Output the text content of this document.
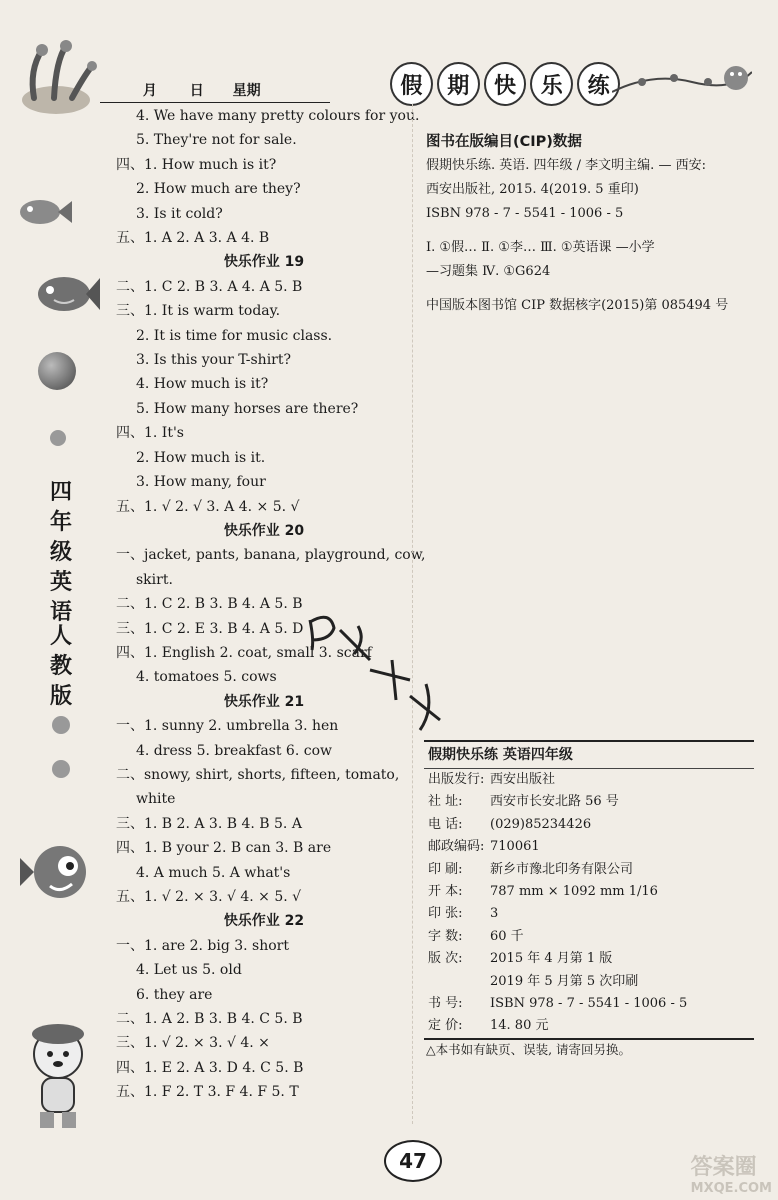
四
年
级
英
语
人
教
版
月 日 星期	假	期	快	乐	练
4. We have many pretty colours for you.
5. They're not for sale.
四、1. How much is it?
2. How much are they?
3. Is it cold?
五、1. A 2. A 3. A 4. B
快乐作业 19
二、1. C 2. B 3. A 4. A 5. B
三、1. It is warm today.
2. It is time for music class.
3. Is this your T-shirt?
4. How much is it?
5. How many horses are there?
四、1. It's
2. How much is it.
3. How many, four
五、1. √ 2. √ 3. A 4. × 5. √
快乐作业 20
一、jacket, pants, banana, playground, cow,
skirt.
二、1. C 2. B 3. B 4. A 5. B
三、1. C 2. E 3. B 4. A 5. D
四、1. English 2. coat, small 3. scarf
4. tomatoes 5. cows
快乐作业 21
一、1. sunny 2. umbrella 3. hen
4. dress 5. breakfast 6. cow
二、snowy, shirt, shorts, fifteen, tomato,
white
三、1. B 2. A 3. B 4. B 5. A
四、1. B your 2. B can 3. B are
4. A much 5. A what's
五、1. √ 2. × 3. √ 4. × 5. √
快乐作业 22
一、1. are 2. big 3. short
4. Let us 5. old
6. they are
二、1. A 2. B 3. B 4. C 5. B
三、1. √ 2. × 3. √ 4. ×
四、1. E 2. A 3. D 4. C 5. B
五、1. F 2. T 3. F 4. F 5. T
图书在版编目(CIP)数据
假期快乐练. 英语. 四年级 / 李文明主编. — 西安:
西安出版社, 2015. 4(2019. 5 重印)
ISBN 978 - 7 - 5541 - 1006 - 5
Ⅰ. ①假… Ⅱ. ①李… Ⅲ. ①英语课 —小学
—习题集 Ⅳ. ①G624
中国版本图书馆 CIP 数据核字(2015)第 085494 号
假期快乐练 英语四年级
出版发行: 西安出版社
社 址:	西安市长安北路 56 号
电 话:	(029)85234426
邮政编码: 710061
印 刷:	新乡市豫北印务有限公司
开 本:	787 mm × 1092 mm 1/16
印 张:	3
字 数:	60 千
版 次:	2015 年 4 月第 1 版
2019 年 5 月第 5 次印刷
书 号:	ISBN 978 - 7 - 5541 - 1006 - 5
定 价:	14. 80 元
△本书如有缺页、误装, 请寄回另换。
47	答案圈
MXQE.COM
